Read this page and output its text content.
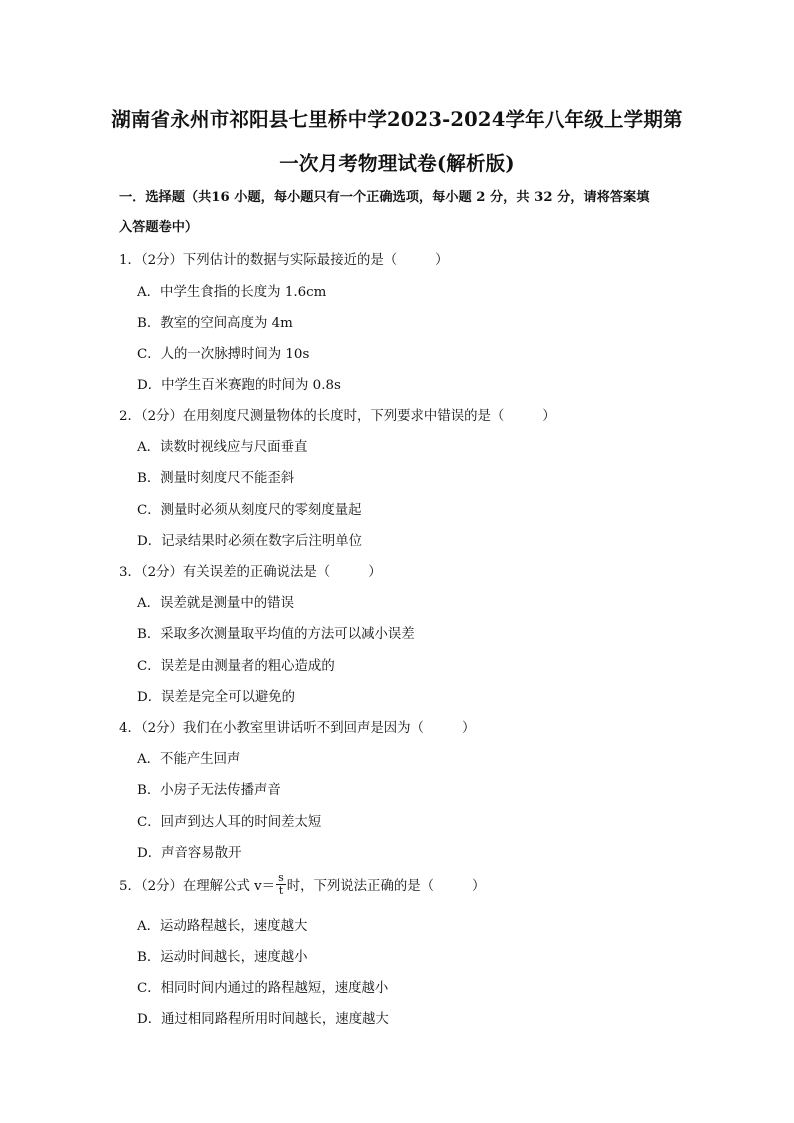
湖南省永州市祁阳县七里桥中学2023-2024学年八年级上学期第
一次月考物理试卷(解析版)
一．选择题（共16 小题，每小题只有一个正确选项，每小题 2 分，共 32 分，请将答案填
入答题卷中）
1．（2分）下列估计的数据与实际最接近的是（	）
A．中学生食指的长度为 1.6cm
B．教室的空间高度为 4m
C．人的一次脉搏时间为 10s
D．中学生百米赛跑的时间为 0.8s
2．（2分）在用刻度尺测量物体的长度时，下列要求中错误的是（	）
A．读数时视线应与尺面垂直
B．测量时刻度尺不能歪斜
C．测量时必须从刻度尺的零刻度量起
D．记录结果时必须在数字后注明单位
3．（2分）有关误差的正确说法是（	）
A．误差就是测量中的错误
B．采取多次测量取平均值的方法可以减小误差
C．误差是由测量者的粗心造成的
D．误差是完全可以避免的
4．（2分）我们在小教室里讲话听不到回声是因为（	）
A．不能产生回声
B．小房子无法传播声音
C．回声到达人耳的时间差太短
D．声音容易散开
5．（2分）在理解公式 $v= \frac{s}{t}$ 时，下列说法正确的是（	）
A．运动路程越长，速度越大
B．运动时间越长，速度越小
C．相同时间内通过的路程越短，速度越小
D．通过相同路程所用时间越长，速度越大
